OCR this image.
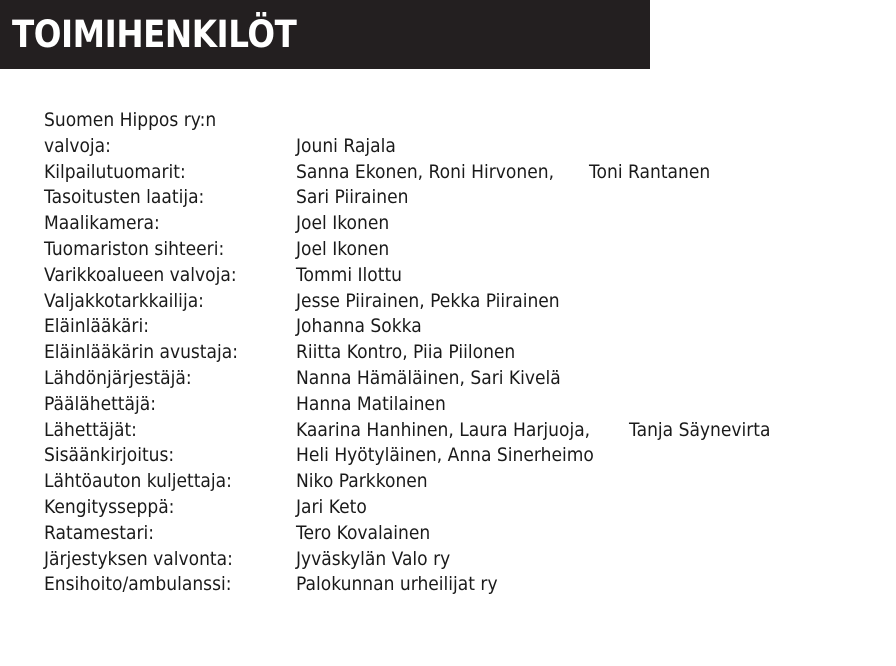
TOIMIHENKILÖT
Suomen Hippos ry:n
valvoja:	Jouni Rajala
Kilpailutuomarit:	Sanna Ekonen, Roni Hirvonen, Toni Rantanen
Tasoitusten laatija:	Sari Piirainen
Maalikamera:	Joel Ikonen
Tuomariston sihteeri:	Joel Ikonen
Varikkoalueen valvoja:	Tommi Ilottu
Valjakkotarkkailija:	Jesse Piirainen, Pekka Piirainen
Eläinlääkäri:	Johanna Sokka
Eläinlääkärin avustaja:	Riitta Kontro, Piia Piilonen
Lähdönjärjestäjä:	Nanna Hämäläinen, Sari Kivelä
Päälähettäjä:	Hanna Matilainen
Lähettäjät:	Kaarina Hanhinen, Laura Harjuoja, Tanja Säynevirta
Sisäänkirjoitus:	Heli Hyötyläinen, Anna Sinerheimo
Lähtöauton kuljettaja:	Niko Parkkonen
Kengitysseppä:	Jari Keto
Ratamestari:	Tero Kovalainen
Järjestyksen valvonta:	Jyväskylän Valo ry
Ensihoito/ambulanssi:	Palokunnan urheilijat ry
